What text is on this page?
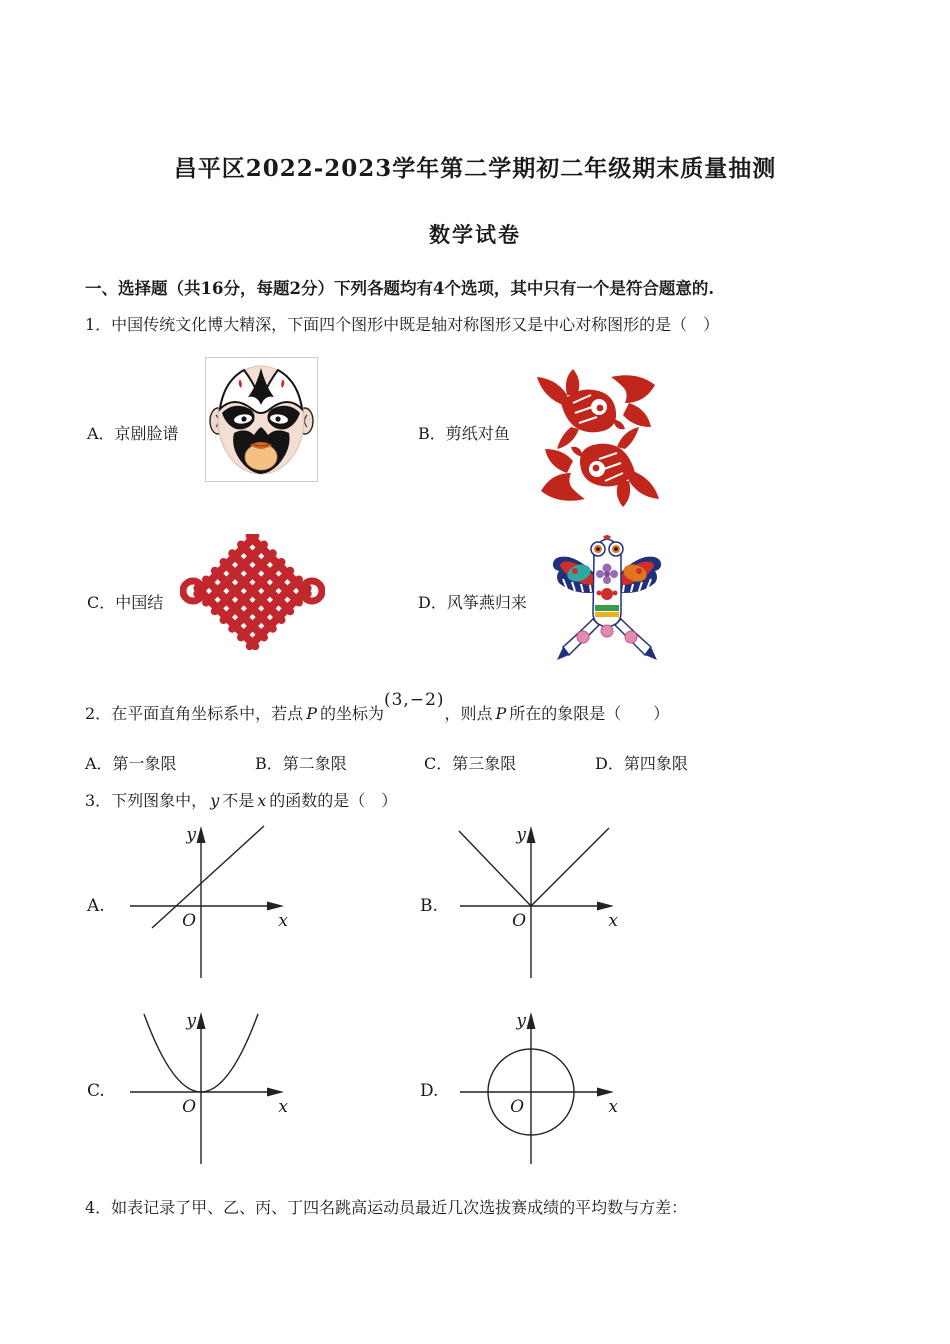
昌平区2022-2023学年第二学期初二年级期末质量抽测
数学试卷
一、选择题（共16分，每题2分）下列各题均有4个选项，其中只有一个是符合题意的.
1．中国传统文化博大精深，下面四个图形中既是轴对称图形又是中心对称图形的是（　）
A．京剧脸谱	B．剪纸对鱼
C．中国结	D．风筝燕归来
2．在平面直角坐标系中，若点 P 的坐标为(3,−2)，则点 P 所在的象限是（　　）
A．第一象限	B．第二象限	C．第三象限	D．第四象限
3．下列图象中， y 不是 x 的函数的是（　）
A.
y
x
O
B.
y
x
O
C.
y
x
O
D.
y
x
O
4．如表记录了甲、乙、丙、丁四名跳高运动员最近几次选拔赛成绩的平均数与方差：
